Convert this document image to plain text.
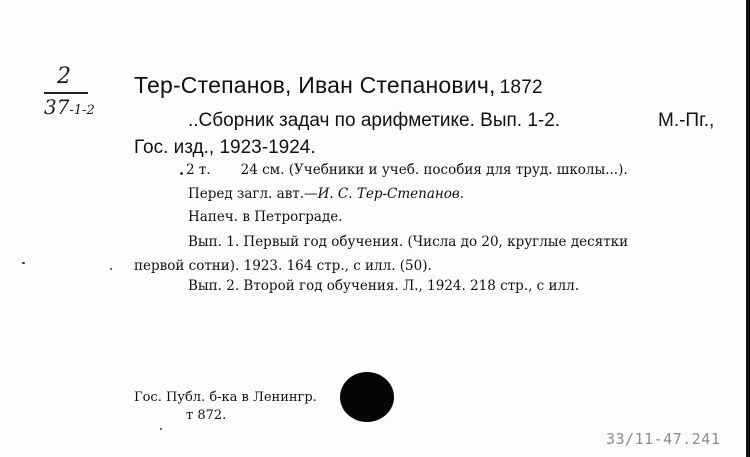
2
37-1-2
Тер-Степанов, Иван Степанович, 1872
..Сборник задач по арифметике. Вып. 1-2.	М.-Пг.,
Гос. изд., 1923-1924.
2 т. 24 см. (Учебники и учеб. пособия для труд. школы...).
Перед загл. авт.—И. С. Тер-Степанов.
Напеч. в Петрограде.
Вып. 1. Первый год обучения. (Числа до 20, круглые десятки
первой сотни). 1923. 164 стр., с илл. (50).
Вып. 2. Второй год обучения. Л., 1924. 218 стр., с илл.
Гос. Публ. б-ка в Ленингр.
т 872.
33/11-47.241
